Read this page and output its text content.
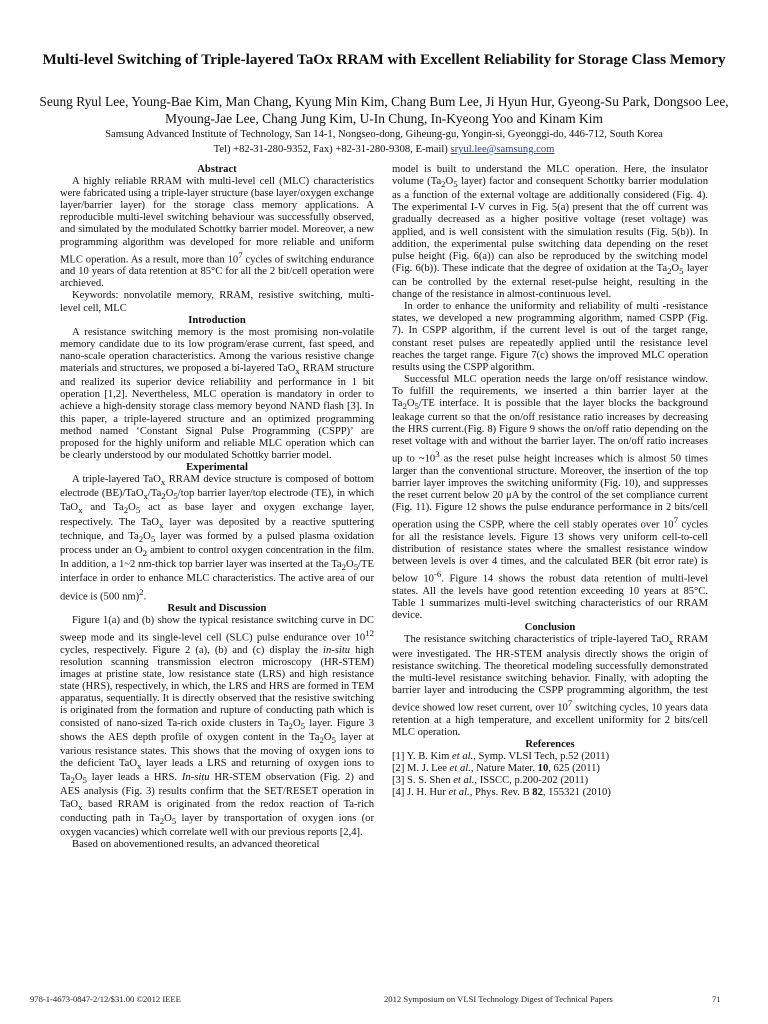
Multi-level Switching of Triple-layered TaOx RRAM with Excellent Reliability for Storage Class Memory
Seung Ryul Lee, Young-Bae Kim, Man Chang, Kyung Min Kim, Chang Bum Lee, Ji Hyun Hur, Gyeong-Su Park, Dongsoo Lee, Myoung-Jae Lee, Chang Jung Kim, U-In Chung, In-Kyeong Yoo and Kinam Kim
Samsung Advanced Institute of Technology, San 14-1, Nongseo-dong, Giheung-gu, Yongin-si, Gyeonggi-do, 446-712, South Korea
Tel) +82-31-280-9352, Fax) +82-31-280-9308, E-mail) sryul.lee@samsung.com
Abstract

A highly reliable RRAM with multi-level cell (MLC) characteristics were fabricated using a triple-layer structure (base layer/oxygen exchange layer/barrier layer) for the storage class memory applications. A reproducible multi-level switching behaviour was successfully observed, and simulated by the modulated Schottky barrier model. Moreover, a new programming algorithm was developed for more reliable and uniform MLC operation. As a result, more than $10^7$ cycles of switching endurance and 10 years of data retention at 85°C for all the 2 bit/cell operation were archieved.

Keywords: nonvolatile memory, RRAM, resistive switching, multi-level cell, MLC

Introduction

A resistance switching memory is the most promising non-volatile memory candidate due to its low program/erase current, fast speed, and nano-scale operation characteristics. Among the various resistive change materials and structures, we proposed a bi-layered TaO$_x$ RRAM structure and realized its superior device reliability and performance in 1 bit operation [1,2]. Nevertheless, MLC operation is mandatory in order to achieve a high-density storage class memory beyond NAND flash [3]. In this paper, a triple-layered structure and an optimized programming method named ‘Constant Signal Pulse Programming (CSPP)’ are proposed for the highly uniform and reliable MLC operation which can be clearly understood by our modulated Schottky barrier model.

Experimental

A triple-layered TaO$_x$ RRAM device structure is composed of bottom electrode $(BE)/TaO_x/Ta_2O_5$/top barrier layer/top electrode (TE), in which TaO$_x$ and $Ta_2O_5$ act as base layer and oxygen exchange layer, respectively. The TaO$_x$ layer was deposited by a reactive sputtering technique, and $Ta_2O_5$ layer was formed by a pulsed plasma oxidation process under an $O_2$ ambient to control oxygen concentration in the film. In addition, a 1~2 nm-thick top barrier layer was inserted at the $Ta_2O_5/TE$ interface in order to enhance MLC characteristics. The active area of our device is (500 nm)$^2$.

Result and Discussion

Figure 1(a) and (b) show the typical resistance switching curve in DC sweep mode and its single-level cell (SLC) pulse endurance over $10^{12}$ cycles, respectively. Figure 2 (a), (b) and (c) display the in-situ high resolution scanning transmission electron microscopy (HR-STEM) images at pristine state, low resistance state (LRS) and high resistance state (HRS), respectively, in which, the LRS and HRS are formed in TEM apparatus, sequentially. It is directly observed that the resistive switching is originated from the formation and rupture of conducting path which is consisted of nano-sized Ta-rich oxide clusters in $Ta_2O_5$ layer. Figure 3 shows the AES depth profile of oxygen content in the $Ta_2O_5$ layer at various resistance states. This shows that the moving of oxygen ions to the deficient TaO$_x$ layer leads a LRS and returning of oxygen ions to $Ta_2O_5$ layer leads a HRS. In-situ HR-STEM observation (Fig. 2) and AES analysis (Fig. 3) results confirm that the SET/RESET operation in TaO$_x$ based RRAM is originated from the redox reaction of Ta-rich conducting path in $Ta_2O_5$ layer by transportation of oxygen ions (or oxygen vacancies) which correlate well with our previous reports [2,4].

Based on abovementioned results, an advanced theoretical

model is built to understand the MLC operation. Here, the insulator volume ($Ta_2O_5$ layer) factor and consequent Schottky barrier modulation as a function of the external voltage are additionally considered (Fig. 4). The experimental I-V curves in Fig. 5(a) present that the off current was gradually decreased as a higher positive voltage (reset voltage) was applied, and is well consistent with the simulation results (Fig. 5(b)). In addition, the experimental pulse switching data depending on the reset pulse height (Fig. 6(a)) can also be reproduced by the switching model (Fig. 6(b)). These indicate that the degree of oxidation at the $Ta_2O_5$ layer can be controlled by the external reset-pulse height, resulting in the change of the resistance in almost-continuous level.

In order to enhance the uniformity and reliability of multi -resistance states, we developed a new programming algorithm, named CSPP (Fig. 7). In CSPP algorithm, if the current level is out of the target range, constant reset pulses are repeatedly applied until the resistance level reaches the target range. Figure 7(c) shows the improved MLC operation results using the CSPP algorithm.

Successful MLC operation needs the large on/off resistance window. To fulfill the requirements, we inserted a thin barrier layer at the $Ta_2O_5/TE$ interface. It is possible that the layer blocks the background leakage current so that the on/off resistance ratio increases by decreasing the HRS current.(Fig. 8) Figure 9 shows the on/off ratio depending on the reset voltage with and without the barrier layer. The on/off ratio increases up to $\sim 10^3$ as the reset pulse height increases which is almost 50 times larger than the conventional structure. Moreover, the insertion of the top barrier layer improves the switching uniformity (Fig. 10), and suppresses the reset current below 20 μA by the control of the set compliance current (Fig. 11). Figure 12 shows the pulse endurance performance in 2 bits/cell operation using the CSPP, where the cell stably operates over $10^7$ cycles for all the resistance levels. Figure 13 shows very uniform cell-to-cell distribution of resistance states where the smallest resistance window between levels is over 4 times, and the calculated BER (bit error rate) is below $10^{-6}$. Figure 14 shows the robust data retention of multi-level states. All the levels have good retention exceeding 10 years at 85°C. Table 1 summarizes multi-level switching characteristics of our RRAM device.

Conclusion

The resistance switching characteristics of triple-layered TaO$_x$ RRAM were investigated. The HR-STEM analysis directly shows the origin of resistance switching. The theoretical modeling successfully demonstrated the multi-level resistance switching behavior. Finally, with adopting the barrier layer and introducing the CSPP programming algorithm, the test device showed low reset current, over $10^7$ switching cycles, 10 years data retention at a high temperature, and excellent uniformity for 2 bits/cell MLC operation.

References
[1] Y. B. Kim et al., Symp. VLSI Tech, p.52 (2011)
[2] M. J. Lee et al., Nature Mater. 10, 625 (2011)
[3] S. S. Shen et al., ISSCC, p.200-202 (2011)
[4] J. H. Hur et al., Phys. Rev. B 82, 155321 (2010)
978-1-4673-0847-2/12/$31.00 ©2012 IEEE	2012 Symposium on VLSI Technology Digest of Technical Papers	71
